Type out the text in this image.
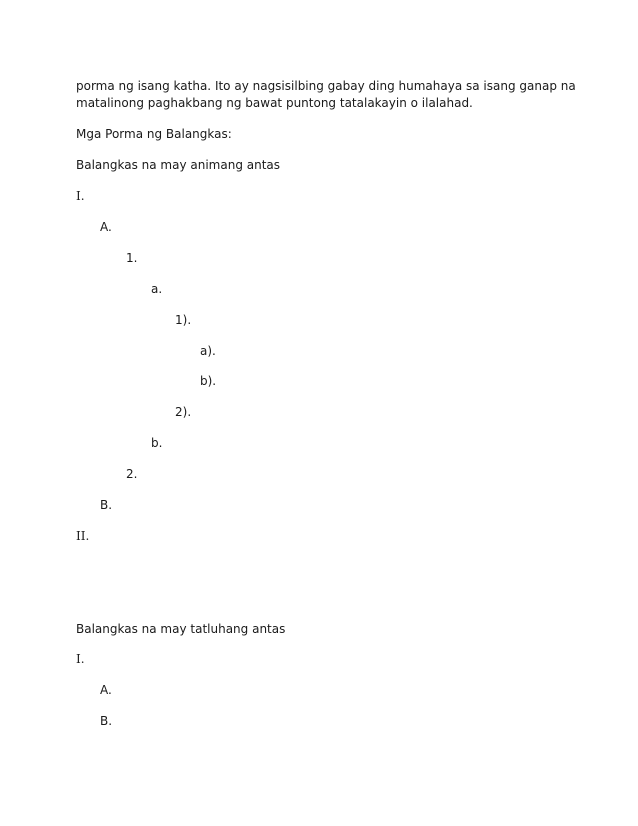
porma ng isang katha. Ito ay nagsisilbing gabay ding humahaya sa isang ganap na
matalinong paghakbang ng bawat puntong tatalakayin o ilalahad.
Mga Porma ng Balangkas:
Balangkas na may animang antas
I.
A.
1.
a.
1).
a).
b).
2).
b.
2.
B.
II.
Balangkas na may tatluhang antas
I.
A.
B.
